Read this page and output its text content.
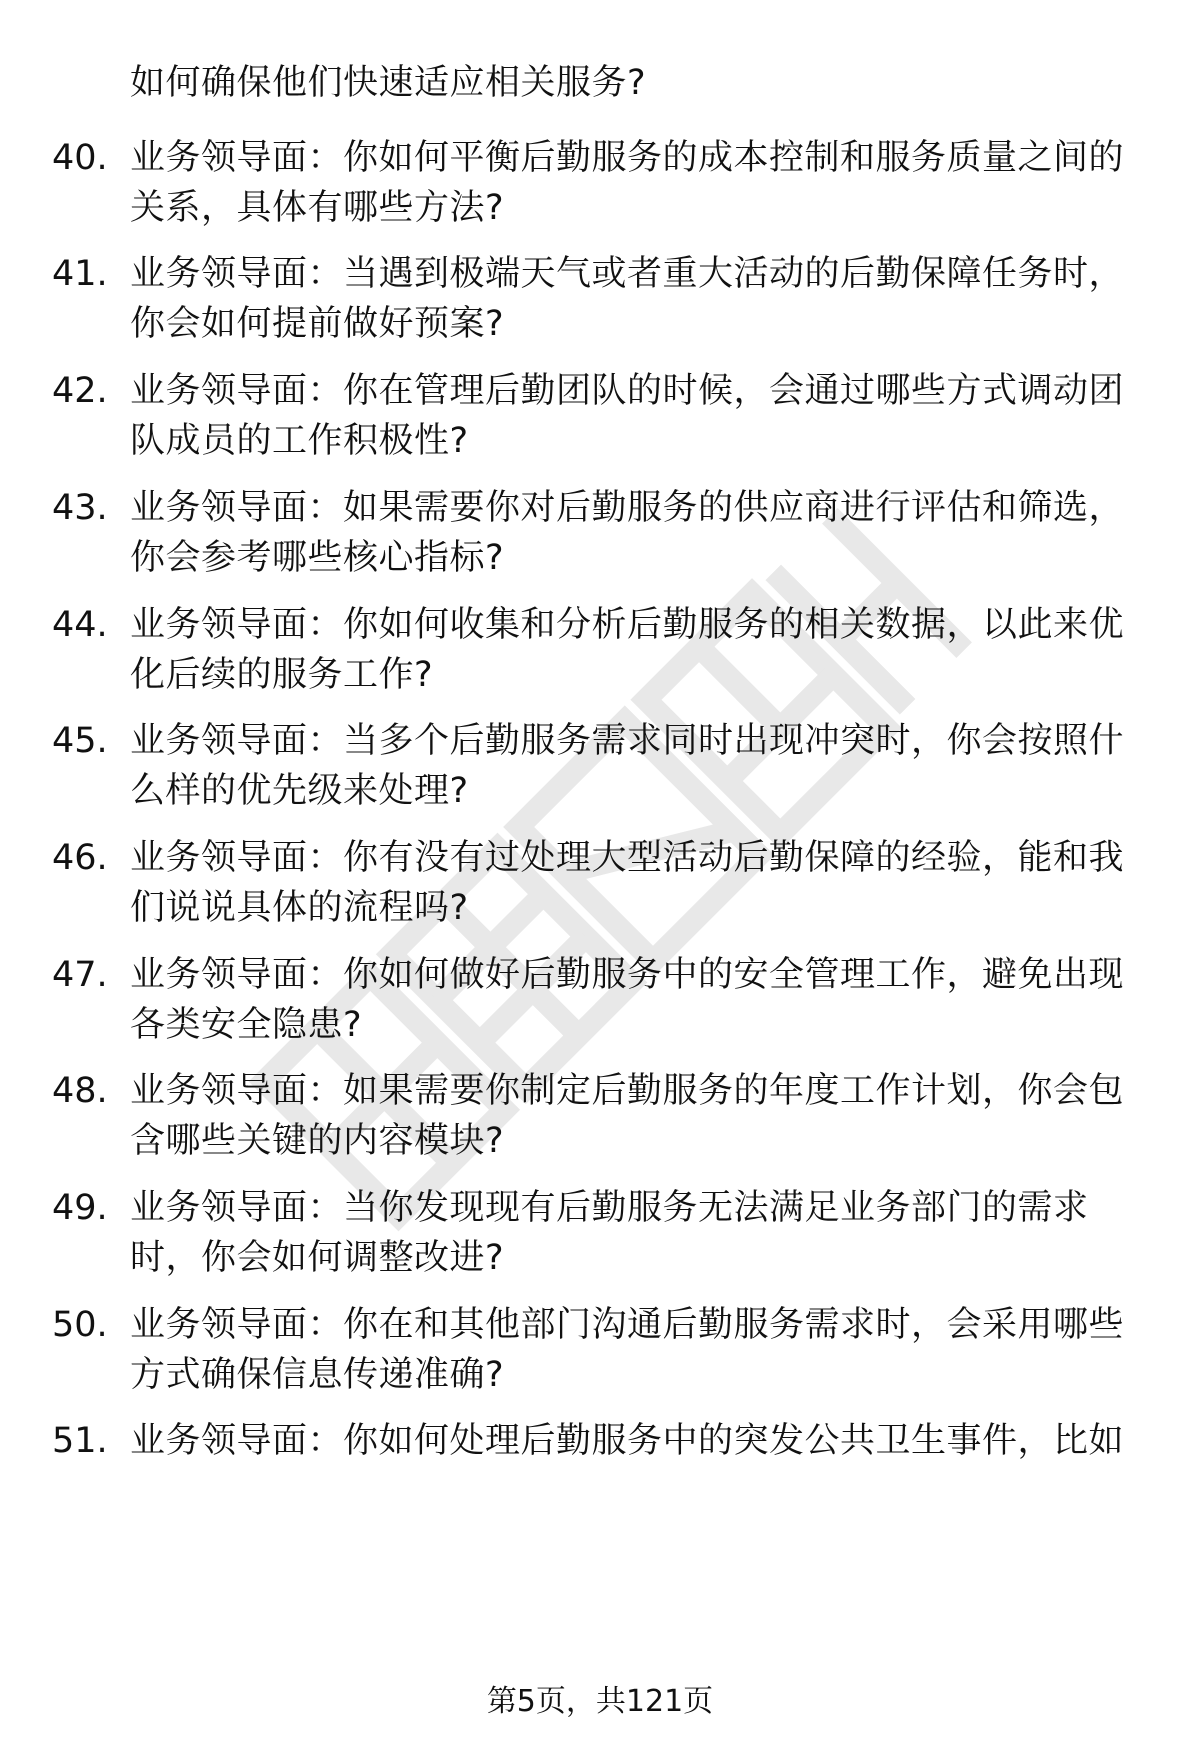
如何确保他们快速适应相关服务?
40. 业务领导面：你如何平衡后勤服务的成本控制和服务质量之间的
关系，具体有哪些方法?
41. 业务领导面：当遇到极端天气或者重大活动的后勤保障任务时，
你会如何提前做好预案?
42. 业务领导面：你在管理后勤团队的时候，会通过哪些方式调动团
队成员的工作积极性?
43. 业务领导面：如果需要你对后勤服务的供应商进行评估和筛选，
你会参考哪些核心指标?
44. 业务领导面：你如何收集和分析后勤服务的相关数据，以此来优
化后续的服务工作?
45. 业务领导面：当多个后勤服务需求同时出现冲突时，你会按照什
么样的优先级来处理?
46. 业务领导面：你有没有过处理大型活动后勤保障的经验，能和我
们说说具体的流程吗?
47. 业务领导面：你如何做好后勤服务中的安全管理工作，避免出现
各类安全隐患?
48. 业务领导面：如果需要你制定后勤服务的年度工作计划，你会包
含哪些关键的内容模块?
49. 业务领导面：当你发现现有后勤服务无法满足业务部门的需求
时，你会如何调整改进?
50. 业务领导面：你在和其他部门沟通后勤服务需求时，会采用哪些
方式确保信息传递准确?
51. 业务领导面：你如何处理后勤服务中的突发公共卫生事件，比如
第5页，共121页
